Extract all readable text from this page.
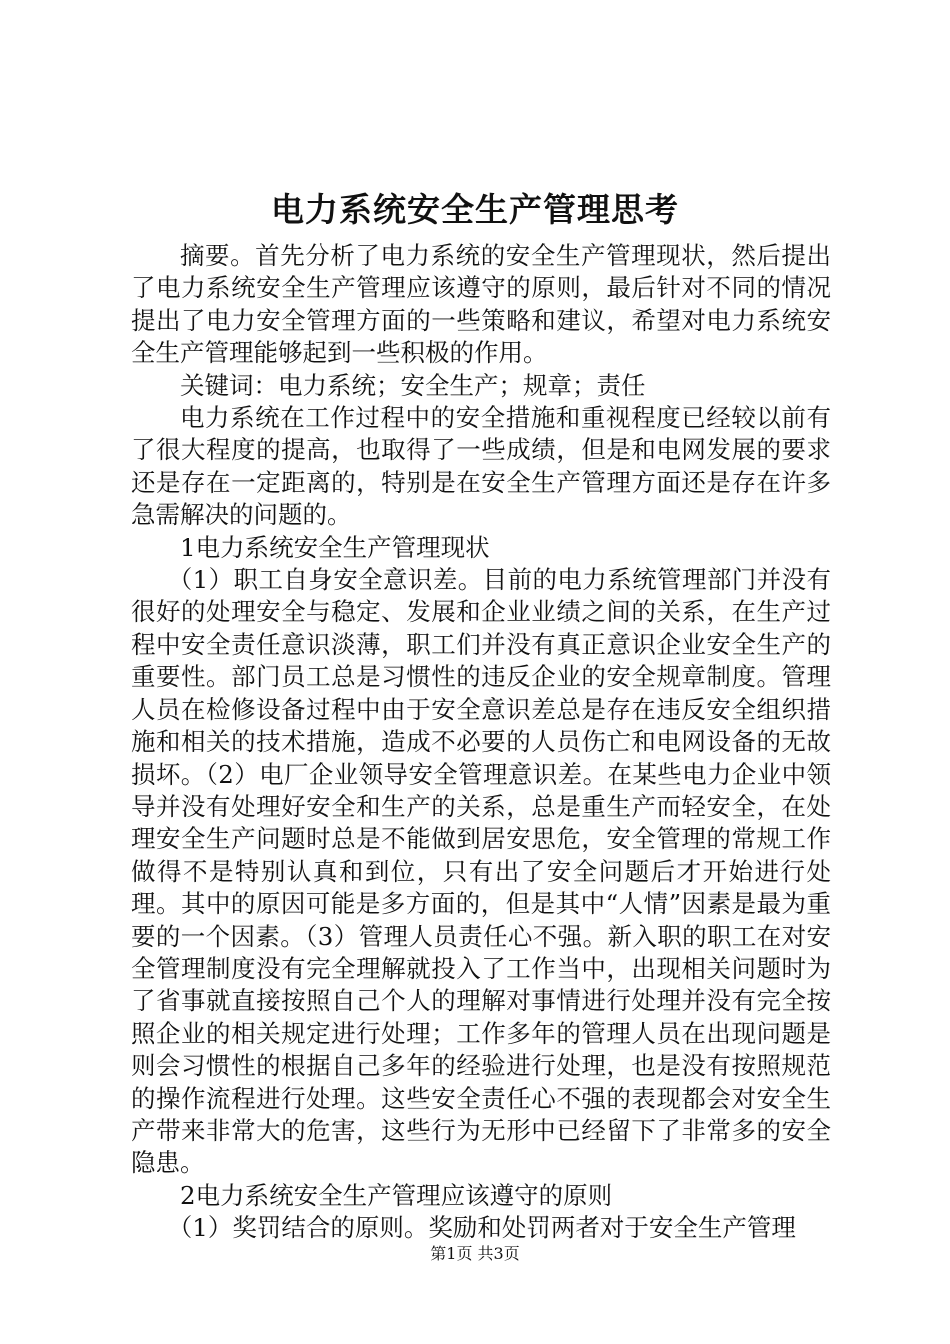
电力系统安全生产管理思考

摘要。首先分析了电力系统的安全生产管理现状，然后提出了电力系统安全生产管理应该遵守的原则，最后针对不同的情况提出了电力安全管理方面的一些策略和建议，希望对电力系统安全生产管理能够起到一些积极的作用。

关键词：电力系统；安全生产；规章；责任

电力系统在工作过程中的安全措施和重视程度已经较以前有了很大程度的提高，也取得了一些成绩，但是和电网发展的要求还是存在一定距离的，特别是在安全生产管理方面还是存在许多急需解决的问题的。

1电力系统安全生产管理现状

（1）职工自身安全意识差。目前的电力系统管理部门并没有很好的处理安全与稳定、发展和企业业绩之间的关系，在生产过程中安全责任意识淡薄，职工们并没有真正意识企业安全生产的重要性。部门员工总是习惯性的违反企业的安全规章制度。管理人员在检修设备过程中由于安全意识差总是存在违反安全组织措施和相关的技术措施，造成不必要的人员伤亡和电网设备的无故损坏。（2）电厂企业领导安全管理意识差。在某些电力企业中领导并没有处理好安全和生产的关系，总是重生产而轻安全，在处理安全生产问题时总是不能做到居安思危，安全管理的常规工作做得不是特别认真和到位，只有出了安全问题后才开始进行处理。其中的原因可能是多方面的，但是其中“人情”因素是最为重要的一个因素。（3）管理人员责任心不强。新入职的职工在对安全管理制度没有完全理解就投入了工作当中，出现相关问题时为了省事就直接按照自己个人的理解对事情进行处理并没有完全按照企业的相关规定进行处理；工作多年的管理人员在出现问题是则会习惯性的根据自己多年的经验进行处理，也是没有按照规范的操作流程进行处理。这些安全责任心不强的表现都会对安全生产带来非常大的危害，这些行为无形中已经留下了非常多的安全隐患。

2电力系统安全生产管理应该遵守的原则

（1）奖罚结合的原则。奖励和处罚两者对于安全生产管理

第1页 共3页
